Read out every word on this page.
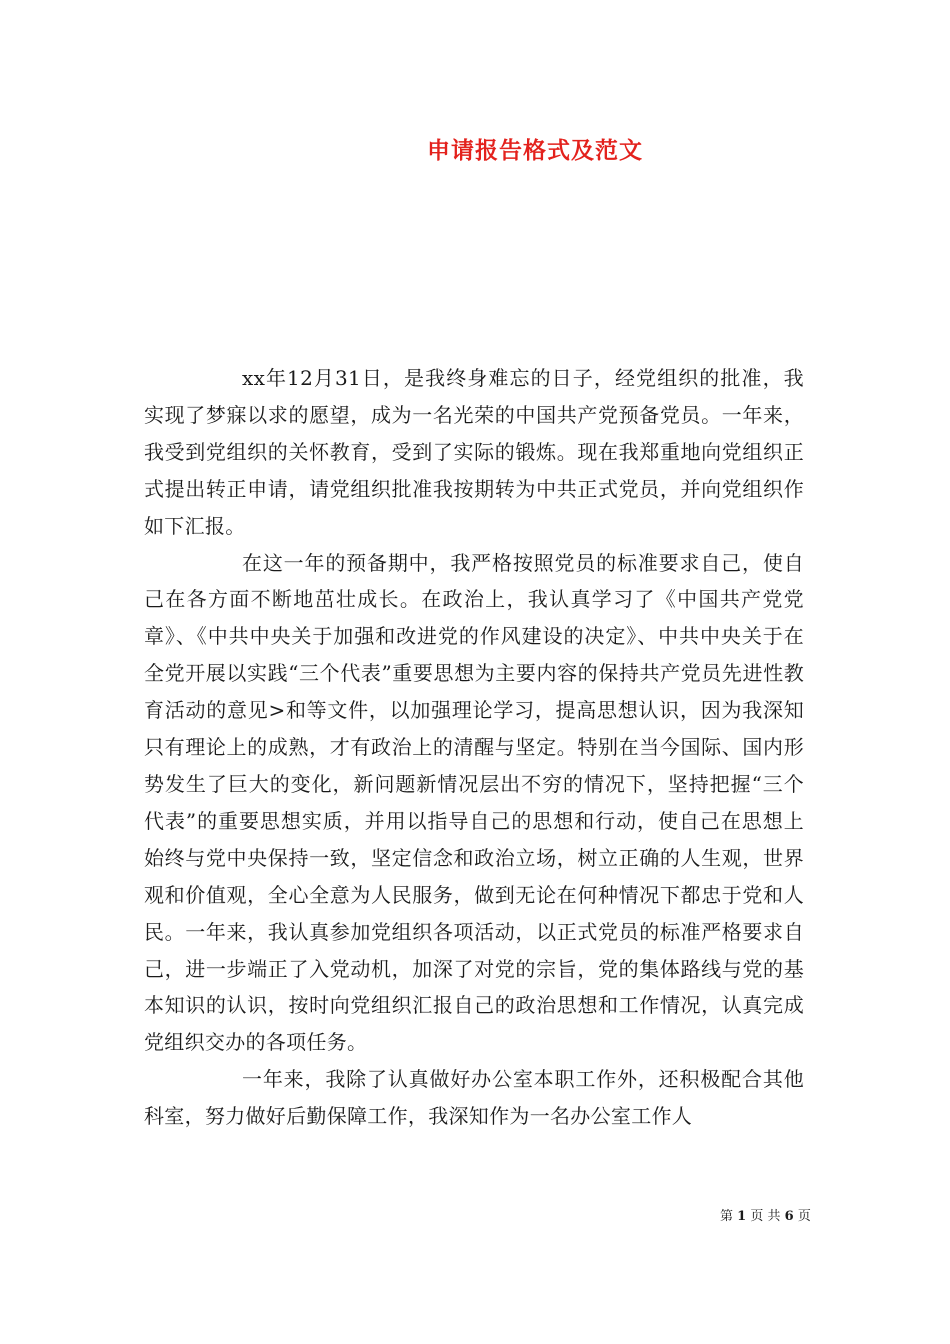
申请报告格式及范文

xx年12月31日，是我终身难忘的日子，经党组织的批准，我实现了梦寐以求的愿望，成为一名光荣的中国共产党预备党员。一年来，我受到党组织的关怀教育，受到了实际的锻炼。现在我郑重地向党组织正式提出转正申请，请党组织批准我按期转为中共正式党员，并向党组织作如下汇报。

在这一年的预备期中，我严格按照党员的标准要求自己，使自己在各方面不断地茁壮成长。在政治上，我认真学习了《中国共产党党章》、《中共中央关于加强和改进党的作风建设的决定》、中共中央关于在全党开展以实践“三个代表”重要思想为主要内容的保持共产党员先进性教育活动的意见>和等文件，以加强理论学习，提高思想认识，因为我深知只有理论上的成熟，才有政治上的清醒与坚定。特别在当今国际、国内形势发生了巨大的变化，新问题新情况层出不穷的情况下，坚持把握“三个代表”的重要思想实质，并用以指导自己的思想和行动，使自己在思想上始终与党中央保持一致，坚定信念和政治立场，树立正确的人生观，世界观和价值观，全心全意为人民服务，做到无论在何种情况下都忠于党和人民。一年来，我认真参加党组织各项活动，以正式党员的标准严格要求自己，进一步端正了入党动机，加深了对党的宗旨，党的集体路线与党的基本知识的认识，按时向党组织汇报自己的政治思想和工作情况，认真完成党组织交办的各项任务。

一年来，我除了认真做好办公室本职工作外，还积极配合其他科室，努力做好后勤保障工作，我深知作为一名办公室工作人

第 1 页 共 6 页
